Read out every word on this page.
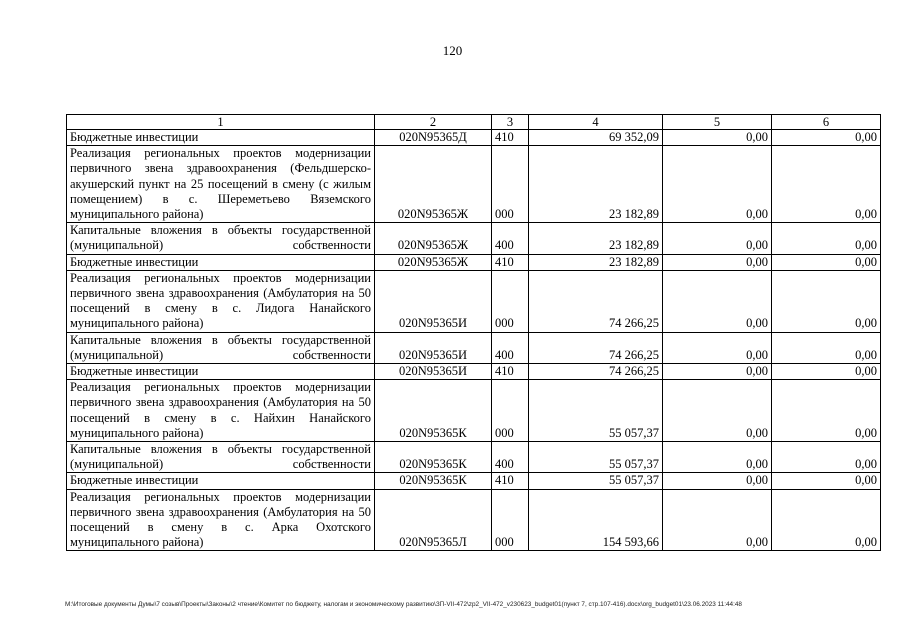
120
1	2	3	4	5	6
Бюджетные инвестиции	020N95365Д	410	69 352,09	0,00	0,00
Реализация региональных проектов модернизации первичного звена здравоохранения (Фельдшерско-акушерский пункт на 25 посещений в смену (с жилым помещением) в с. Шереметьево Вяземского муниципального района)	020N95365Ж	000	23 182,89	0,00	0,00
Капитальные вложения в объекты государственной (муниципальной) собственности	020N95365Ж	400	23 182,89	0,00	0,00
Бюджетные инвестиции	020N95365Ж	410	23 182,89	0,00	0,00
Реализация региональных проектов модернизации первичного звена здравоохранения (Амбулатория на 50 посещений в смену в с. Лидога Нанайского муниципального района)	020N95365И	000	74 266,25	0,00	0,00
Капитальные вложения в объекты государственной (муниципальной) собственности	020N95365И	400	74 266,25	0,00	0,00
Бюджетные инвестиции	020N95365И	410	74 266,25	0,00	0,00
Реализация региональных проектов модернизации первичного звена здравоохранения (Амбулатория на 50 посещений в смену в с. Найхин Нанайского муниципального района)	020N95365К	000	55 057,37	0,00	0,00
Капитальные вложения в объекты государственной (муниципальной) собственности	020N95365К	400	55 057,37	0,00	0,00
Бюджетные инвестиции	020N95365К	410	55 057,37	0,00	0,00
Реализация региональных проектов модернизации первичного звена здравоохранения (Амбулатория на 50 посещений в смену в с. Арка Охотского муниципального района)	020N95365Л	000	154 593,66	0,00	0,00
M:\Итоговые документы Думы\7 созыв\Проекты\Законы\2 чтение\Комитет по бюджету, налогам и экономическому развитию\ЗП-VII-472\zp2_VII-472_v230623_budget01(пункт 7, стр.107-416).docx\org_budget01\23.06.2023 11:44:48
